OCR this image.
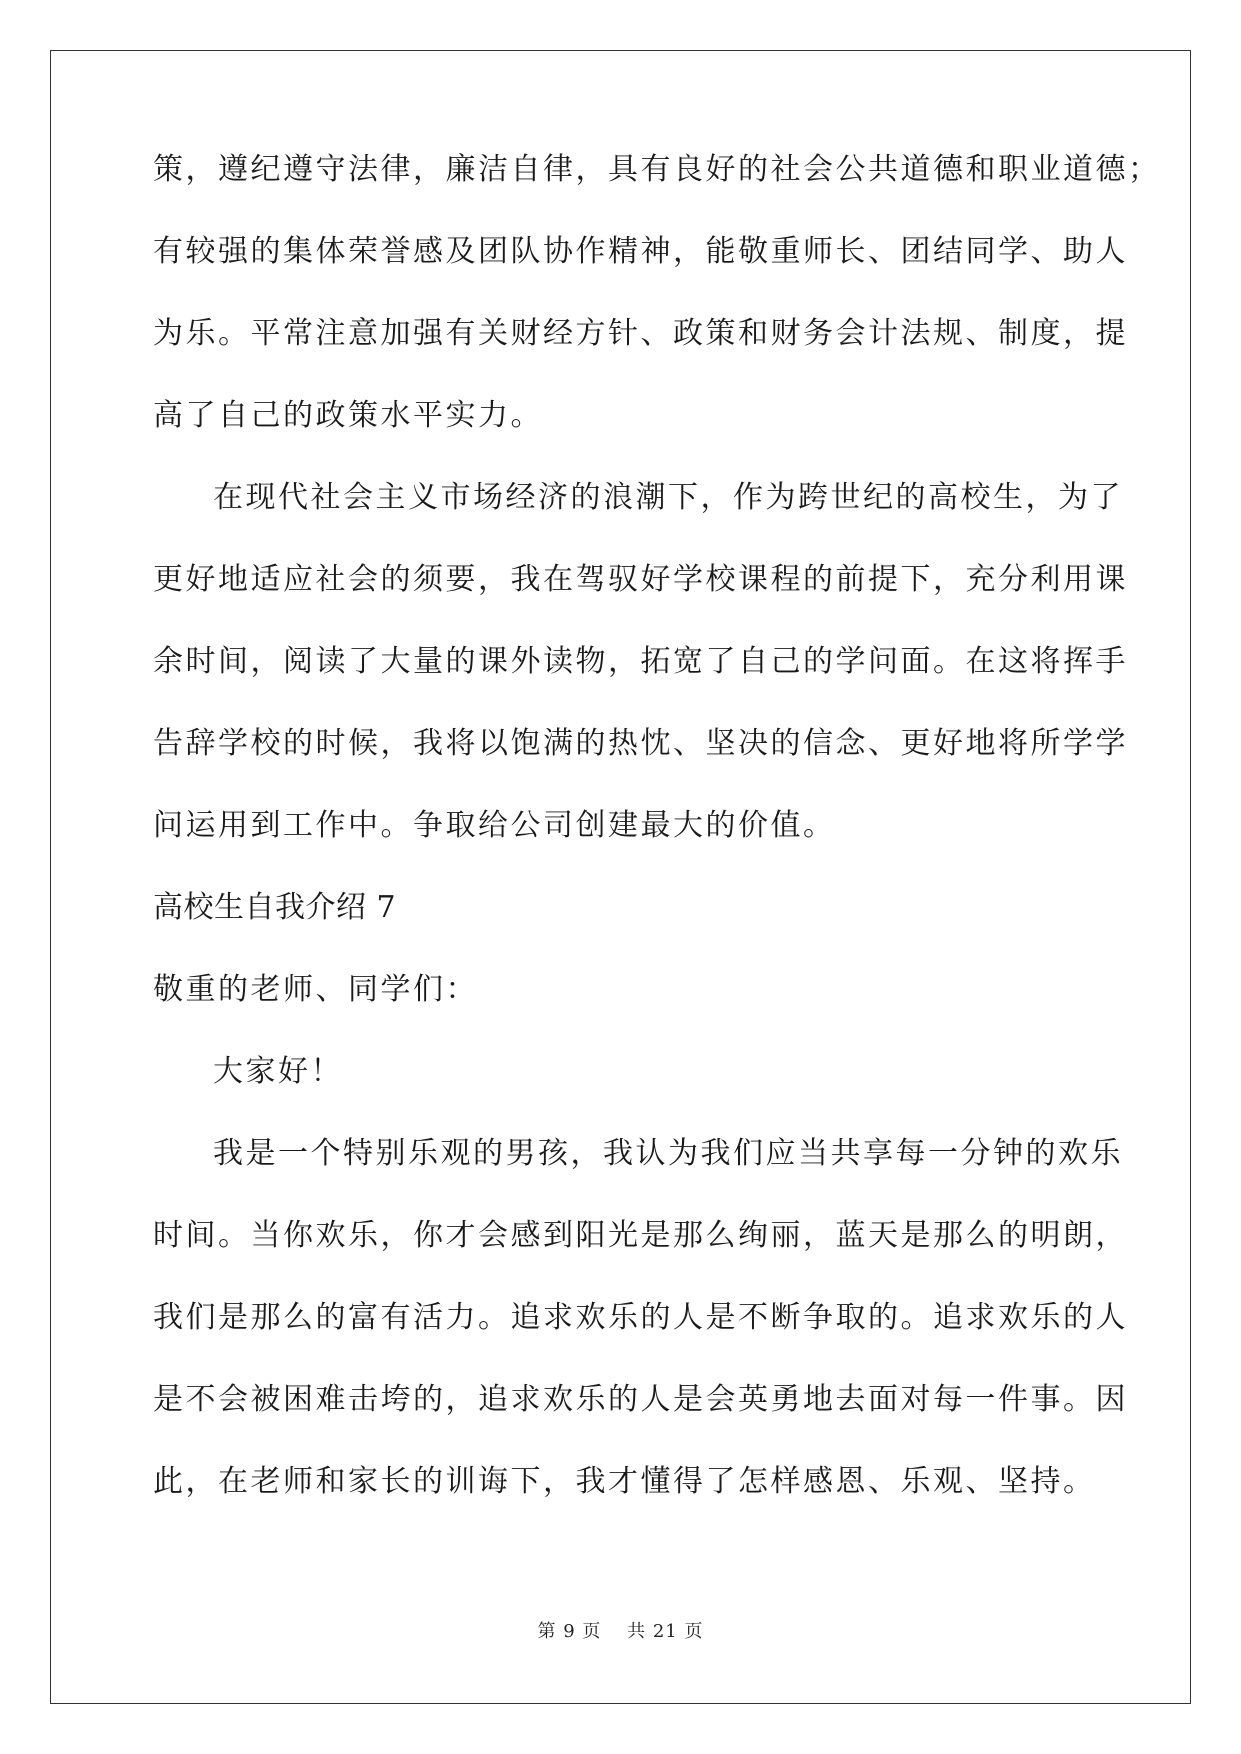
策，遵纪遵守法律，廉洁自律，具有良好的社会公共道德和职业道德；
有较强的集体荣誉感及团队协作精神，能敬重师长、团结同学、助人
为乐。平常注意加强有关财经方针、政策和财务会计法规、制度，提
高了自己的政策水平实力。
在现代社会主义市场经济的浪潮下，作为跨世纪的高校生，为了
更好地适应社会的须要，我在驾驭好学校课程的前提下，充分利用课
余时间，阅读了大量的课外读物，拓宽了自己的学问面。在这将挥手
告辞学校的时候，我将以饱满的热忱、坚决的信念、更好地将所学学
问运用到工作中。争取给公司创建最大的价值。
高校生自我介绍 7
敬重的老师、同学们：
大家好！
我是一个特别乐观的男孩，我认为我们应当共享每一分钟的欢乐
时间。当你欢乐，你才会感到阳光是那么绚丽，蓝天是那么的明朗，
我们是那么的富有活力。追求欢乐的人是不断争取的。追求欢乐的人
是不会被困难击垮的，追求欢乐的人是会英勇地去面对每一件事。因
此，在老师和家长的训诲下，我才懂得了怎样感恩、乐观、坚持。
第 9 页　 共 21 页
